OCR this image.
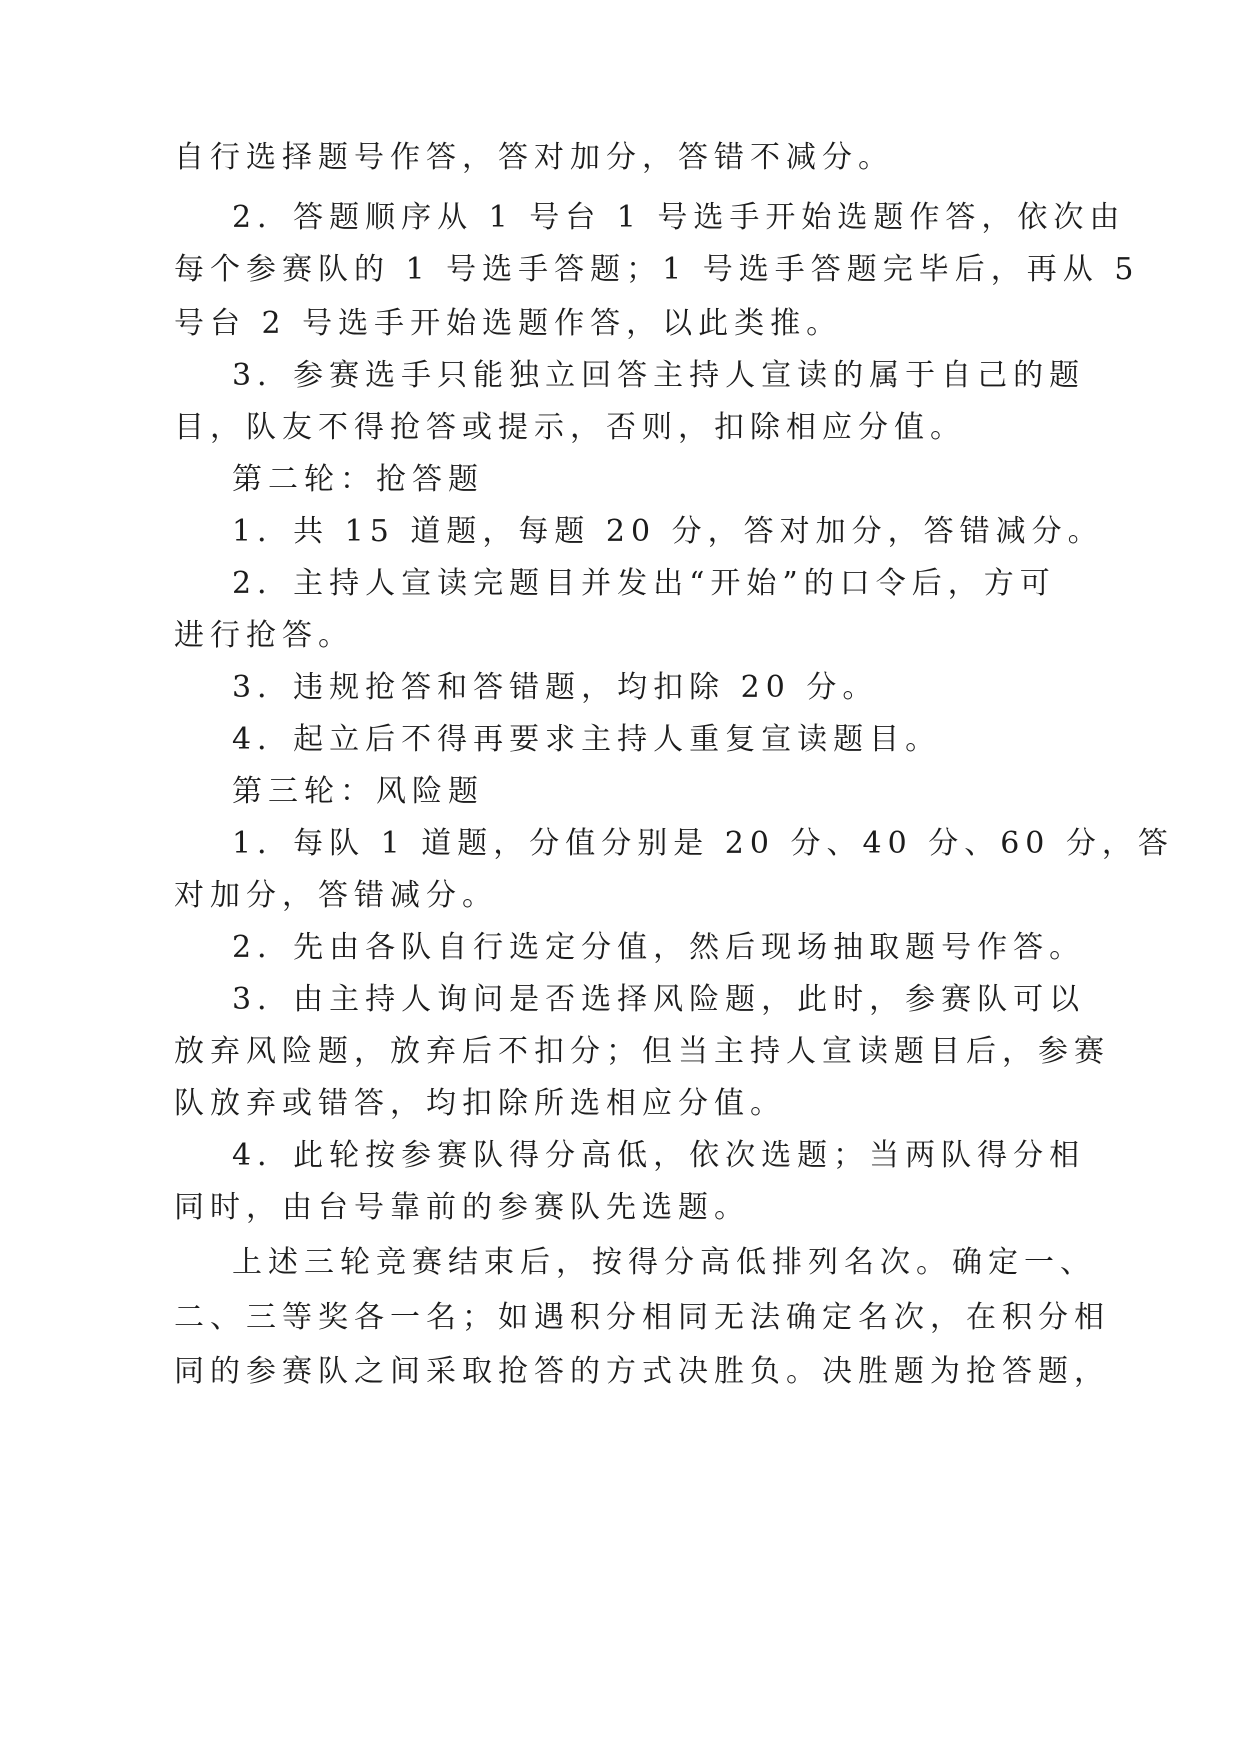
自行选择题号作答，答对加分，答错不减分。
2．答题顺序从 1 号台 1 号选手开始选题作答，依次由
每个参赛队的 1 号选手答题；1 号选手答题完毕后，再从 5
号台 2 号选手开始选题作答，以此类推。
3．参赛选手只能独立回答主持人宣读的属于自己的题
目，队友不得抢答或提示，否则，扣除相应分值。
第二轮：抢答题
1．共 15 道题，每题 20 分，答对加分，答错减分。
2．主持人宣读完题目并发出“开始”的口令后，方可
进行抢答。
3．违规抢答和答错题，均扣除 20 分。
4．起立后不得再要求主持人重复宣读题目。
第三轮：风险题
1．每队 1 道题，分值分别是 20 分、40 分、60 分，答
对加分，答错减分。
2．先由各队自行选定分值，然后现场抽取题号作答。
3．由主持人询问是否选择风险题，此时，参赛队可以
放弃风险题，放弃后不扣分；但当主持人宣读题目后，参赛
队放弃或错答，均扣除所选相应分值。
4．此轮按参赛队得分高低，依次选题；当两队得分相
同时，由台号靠前的参赛队先选题。
上述三轮竞赛结束后，按得分高低排列名次。确定一、
二、三等奖各一名；如遇积分相同无法确定名次，在积分相
同的参赛队之间采取抢答的方式决胜负。决胜题为抢答题，
